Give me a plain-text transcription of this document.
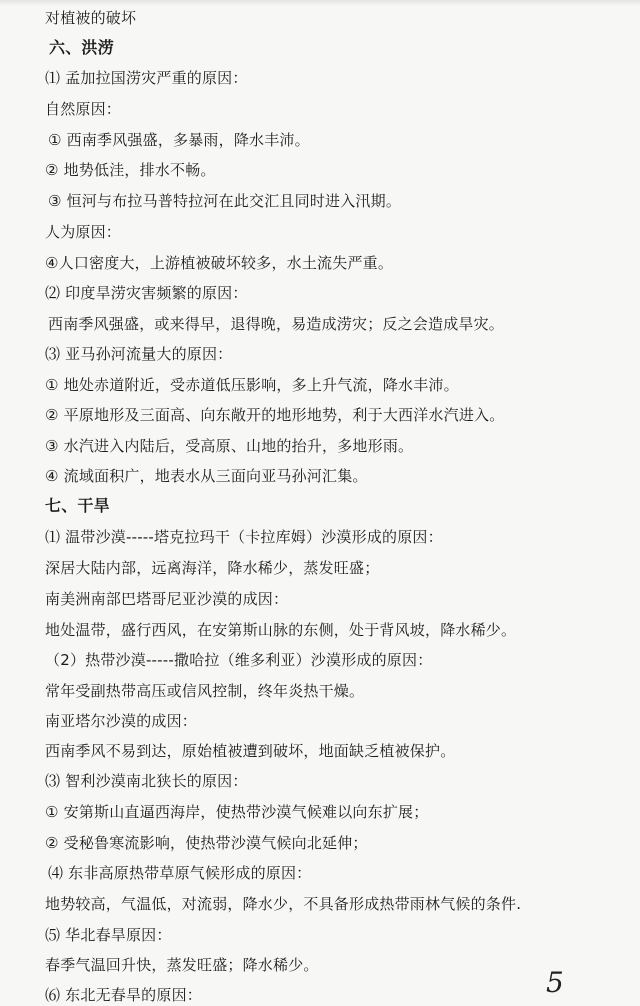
对植被的破坏
六、洪涝
⑴ 孟加拉国涝灾严重的原因：
自然原因：
① 西南季风强盛，多暴雨，降水丰沛。
② 地势低洼，排水不畅。
③ 恒河与布拉马普特拉河在此交汇且同时进入汛期。
人为原因：
④人口密度大，上游植被破坏较多，水土流失严重。
⑵ 印度旱涝灾害频繁的原因：
西南季风强盛，或来得早，退得晚，易造成涝灾；反之会造成旱灾。
⑶ 亚马孙河流量大的原因：
① 地处赤道附近，受赤道低压影响，多上升气流，降水丰沛。
② 平原地形及三面高、向东敞开的地形地势，利于大西洋水汽进入。
③ 水汽进入内陆后，受高原、山地的抬升，多地形雨。
④ 流域面积广，地表水从三面向亚马孙河汇集。
七、干旱
⑴ 温带沙漠-----塔克拉玛干（卡拉库姆）沙漠形成的原因：
深居大陆内部，远离海洋，降水稀少，蒸发旺盛；
南美洲南部巴塔哥尼亚沙漠的成因：
地处温带，盛行西风，在安第斯山脉的东侧，处于背风坡，降水稀少。
（2）热带沙漠-----撒哈拉（维多利亚）沙漠形成的原因：
常年受副热带高压或信风控制，终年炎热干燥。
南亚塔尔沙漠的成因：
西南季风不易到达，原始植被遭到破坏，地面缺乏植被保护。
⑶ 智利沙漠南北狭长的原因：
① 安第斯山直逼西海岸，使热带沙漠气候难以向东扩展；
② 受秘鲁寒流影响，使热带沙漠气候向北延伸；
⑷ 东非高原热带草原气候形成的原因：
地势较高，气温低，对流弱，降水少，不具备形成热带雨林气候的条件.
⑸ 华北春旱原因：
春季气温回升快，蒸发旺盛；降水稀少。
⑹ 东北无春旱的原因：	5
